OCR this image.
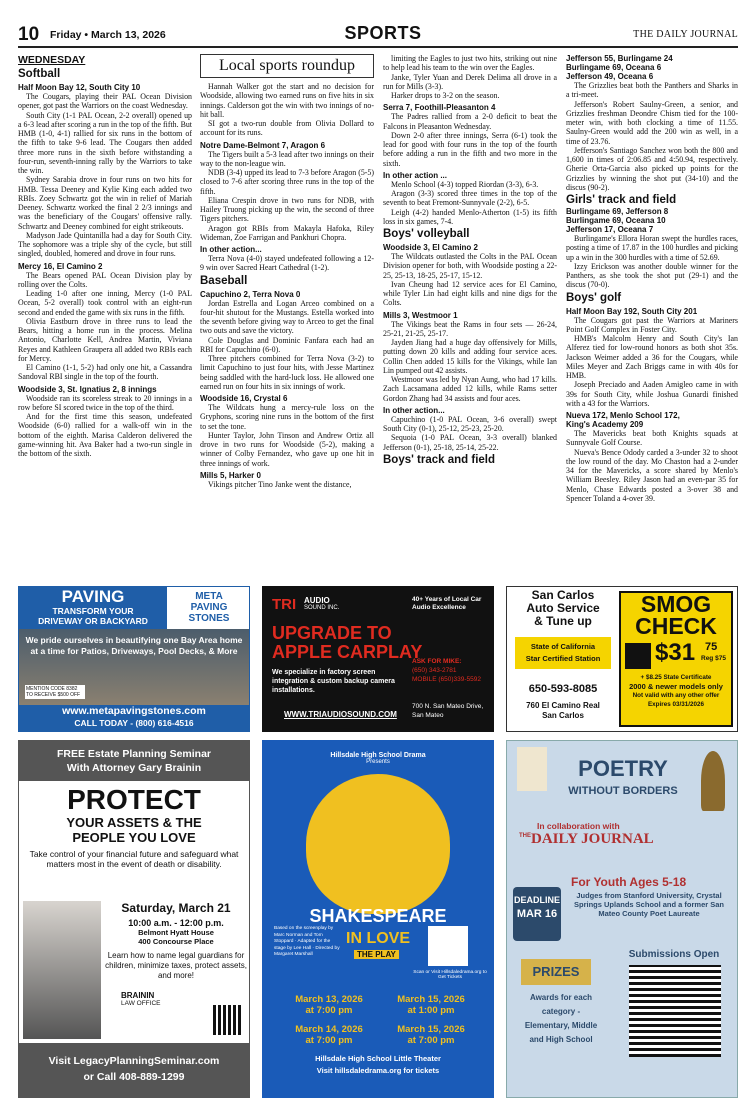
10 Friday • March 13, 2026	SPORTS	THE DAILY JOURNAL
WEDNESDAY
Softball
Half Moon Bay 12, South City 10

The Cougars, playing their PAL Ocean Division opener, got past the Warriors on the coast Wednesday.

South City (1-1 PAL Ocean, 2-2 overall) opened up a 6-3 lead after scoring a run in the top of the fifth. But HMB (1-0, 4-1) rallied for six runs in the bottom of the fifth to take 9-6 lead. The Cougars then added three more runs in the sixth before withstanding a four-run, seventh-inning rally by the Warriors to take the win.

Sydney Sarabia drove in four runs on two hits for HMB. Tessa Deeney and Kylie King each added two RBIs. Zoey Schwartz got the win in relief of Mariah Deeney. Schwartz worked the final 2 2/3 innings and was the beneficiary of the Cougars' offensive rally. Schwartz and Deeney combined for eight strikeouts.

Madyson Jade Quintanilla had a day for South City. The sophomore was a triple shy of the cycle, but still singled, doubled, homered and drove in four runs.

Mercy 16, El Camino 2

The Bears opened PAL Ocean Division play by rolling over the Colts.

Leading 1-0 after one inning, Mercy (1-0 PAL Ocean, 5-2 overall) took control with an eight-run second and ended the game with six runs in the fifth.

Olivia Eastburn drove in three runs to lead the Bears, hitting a home run in the process. Melina Antonio, Charlotte Kell, Andrea Martin, Viviana Reyes and Kathleen Graupera all added two RBIs each for Mercy.

El Camino (1-1, 5-2) had only one hit, a Cassandra Sandoval RBI single in the top of the fourth.

Woodside 3, St. Ignatius 2, 8 innings

Woodside ran its scoreless streak to 20 innings in a row before SI scored twice in the top of the third.

And for the first time this season, undefeated Woodside (6-0) rallied for a walk-off win in the bottom of the eighth. Marisa Calderon delivered the game-winning hit. Ava Baker had a two-run single in the bottom of the sixth.

Local sports roundup

Hannah Walker got the start and no decision for Woodside, allowing two earned runs on five hits in six innings. Calderson got the win with two innings of no-hit ball.

SI got a two-run double from Olivia Dollard to account for its runs.

Notre Dame-Belmont 7, Aragon 6

The Tigers built a 5-3 lead after two innings on their way to the non-league win.

NDB (3-4) upped its lead to 7-3 before Aragon (5-5) closed to 7-6 after scoring three runs in the top of the fifth.

Eliana Crespin drove in two runs for NDB, with Hailey Truong picking up the win, the second of three Tigers pitchers.

Aragon got RBIs from Makayla Hafoka, Riley Wideman, Zoe Farrigan and Pankhuri Chopra.

In other action...

Terra Nova (4-0) stayed undefeated following a 12-9 win over Sacred Heart Cathedral (1-2).

Baseball
Capuchino 2, Terra Nova 0

Jordan Estrella and Logan Arceo combined on a four-hit shutout for the Mustangs. Estella worked into the seventh before giving way to Arceo to get the final two outs and save the victory.

Cole Douglas and Dominic Fanfara each had an RBI for Capuchino (6-0).

Three pitchers combined for Terra Nova (3-2) to limit Capuchino to just four hits, with Jesse Martinez being saddled with the hard-luck loss. He allowed one earned run on four hits in six innings of work.

Woodside 16, Crystal 6

The Wildcats hung a mercy-rule loss on the Gryphons, scoring nine runs in the bottom of the first to set the tone.

Hunter Taylor, John Tinson and Andrew Ortiz all drove in two runs for Woodside (5-2), making a winner of Colby Fernandez, who gave up one hit in three innings of work.

Mills 5, Harker 0

Vikings pitcher Tino Janke went the distance,

limiting the Eagles to just two hits, striking out nine to help lead his team to the win over the Eagles.

Janke, Tyler Yuan and Derek Delima all drove in a run for Mills (3-3).

Harker drops to 3-2 on the season.

Serra 7, Foothill-Pleasanton 4

The Padres rallied from a 2-0 deficit to beat the Falcons in Pleasanton Wednesday.

Down 2-0 after three innings, Serra (6-1) took the lead for good with four runs in the top of the fourth before adding a run in the fifth and two more in the sixth.

In other action ...

Menlo School (4-3) topped Riordan (3-3), 6-3.

Aragon (3-3) scored three times in the top of the seventh to beat Fremont-Sunnyvale (2-2), 6-5.

Leigh (4-2) handed Menlo-Atherton (1-5) its fifth loss in six games, 7-4.

Boys' volleyball
Woodside 3, El Camino 2

The Wildcats outlasted the Colts in the PAL Ocean Division opener for both, with Woodside posting a 22-25, 25-13, 18-25, 25-17, 15-12.

Ivan Cheung had 12 service aces for El Camino, while Tyler Lin had eight kills and nine digs for the Colts.

Mills 3, Westmoor 1

The Vikings beat the Rams in four sets — 26-24, 25-21, 21-25, 25-17.

Jayden Jiang had a huge day offensively for Mills, putting down 20 kills and adding four service aces. Collin Chen added 15 kills for the Vikings, while Ian Lin pumped out 42 assists.

Westmoor was led by Nyan Aung, who had 17 kills. Zach Lacsamana added 12 kills, while Rams setter Gordon Zhang had 34 assists and four aces.

In other action...

Capuchino (1-0 PAL Ocean, 3-6 overall) swept South City (0-1), 25-12, 25-23, 25-20.

Sequoia (1-0 PAL Ocean, 3-3 overall) blanked Jefferson (0-1), 25-18, 25-14, 25-22.

Boys' track and field
Jefferson 55, Burlingame 24
Burlingame 69, Oceana 6
Jefferson 49, Oceana 6

The Grizzlies beat both the Panthers and Sharks in a tri-meet.

Jefferson's Robert Saulny-Green, a senior, and Grizzlies freshman Deondre Chism tied for the 100-meter win, with both clocking a time of 11.55. Saulny-Green would add the 200 win as well, in a time of 23.76.

Jefferson's Santiago Sanchez won both the 800 and 1,600 in times of 2:06.85 and 4:50.94, respectively. Gherie Orta-Garcia also picked up points for the Grizzlies by winning the shot put (34-10) and the discus (90-2).

Girls' track and field
Burlingame 69, Jefferson 8
Burlingame 69, Oceana 10
Jefferson 17, Oceana 7

Burlingame's Ellora Horan swept the hurdles races, posting a time of 17.87 in the 100 hurdles and picking up a win in the 300 hurdles with a time of 52.69.

Izzy Erickson was another double winner for the Panthers, as she took the shot put (29-1) and the discus (70-0).

Boys' golf
Half Moon Bay 192, South City 201

The Cougars got past the Warriors at Mariners Point Golf Complex in Foster City.

HMB's Malcolm Henry and South City's Ian Alferez tied for low-round honors as both shot 35s. Jackson Weimer added a 36 for the Cougars, while Miles Meyer and Zach Briggs came in with 40s for HMB.

Joseph Preciado and Aaden Amigleo came in with 39s for South City, while Joshua Gunardi finished with a 43 for the Warriors.

Nueva 172, Menlo School 172,
King's Academy 209

The Mavericks beat both Knights squads at Sunnyvale Golf Course.

Nueva's Bence Odody carded a 3-under 32 to shoot the low round of the day. Mo Chaston had a 2-under 34 for the Mavericks, a score shared by Menlo's William Beesley. Riley Jason had an even-par 35 for Menlo, Chase Edwards posted a 3-over 38 and Spencer Toland a 4-over 39.

PAVING
TRANSFORM YOUR
DRIVEWAY OR BACKYARD
META
PAVING
STONES
We pride ourselves in beautifying one Bay Area home at a time for Patios, Driveways, Pool Decks, & More
MENTION CODE 8382 TO RECEIVE $500 OFF
www.metapavingstones.com
CALL TODAY - (800) 616-4516
TRI AUDIO
SOUND INC.
40+ Years of Local Car Audio Excellence
UPGRADE TO
APPLE CARPLAY
ASK FOR MIKE:
(650) 343-2781
MOBILE (650)339-5592
We specialize in factory screen integration & custom backup camera installations.
WWW.TRIAUDIOSOUND.COM
700 N. San Mateo Drive,
San Mateo
San Carlos
Auto Service
& Tune up
State of California
Star Certified Station
650-593-8085
760 El Camino Real
San Carlos
SMOG
CHECK
$31 75
Reg $75
+ $8.25 State Certificate
2000 & newer models only
Not valid with any other offer
Expires 03/31/2026
FREE Estate Planning Seminar
With Attorney Gary Brainin
PROTECT
YOUR ASSETS & THE
PEOPLE YOU LOVE
Take control of your financial future and safeguard what matters most in the event of death or disability.
Saturday, March 21
10:00 a.m. - 12:00 p.m.
Belmont Hyatt House
400 Concourse Place
Learn how to name legal guardians for children, minimize taxes, protect assets, and more!
BRAININ
LAW OFFICE
Visit LegacyPlanningSeminar.com
or Call 408-889-1299
Hillsdale High School Drama
Presents
SHAKESPEARE
IN LOVE
THE PLAY
Based on the screenplay by Marc Norman and Tom Stoppard · Adapted for the stage by Lee Hall · Directed by Margaret Marshall
Scan or Visit Hillsdaledrama.org to Get Tickets
March 13, 2026
at 7:00 pm
March 15, 2026
at 1:00 pm
March 14, 2026
at 7:00 pm
March 15, 2026
at 7:00 pm
Hillsdale High School Little Theater
Visit hillsdaledrama.org for tickets
POETRY
WITHOUT BORDERS
In collaboration with
THE DAILY JOURNAL
For Youth Ages 5-18
DEADLINE
MAR 16
Judges from Stanford University, Crystal Springs Uplands School and a former San Mateo County Poet Laureate
PRIZES
Awards for each category - Elementary, Middle and High School
Submissions Open
